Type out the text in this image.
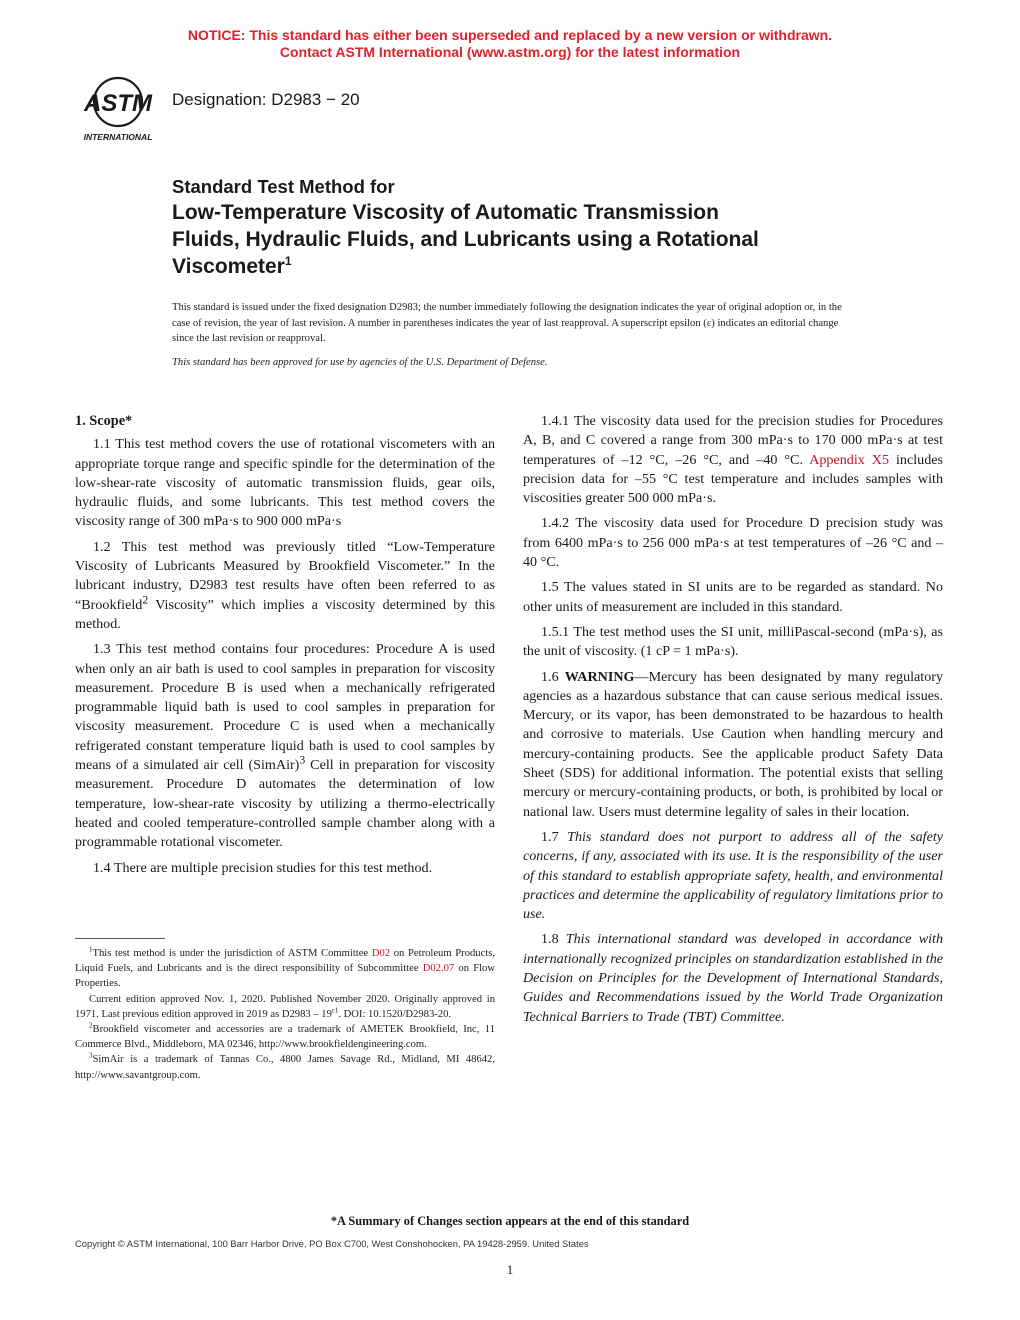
NOTICE: This standard has either been superseded and replaced by a new version or withdrawn.
Contact ASTM International (www.astm.org) for the latest information
ASTM
INTERNATIONAL
Designation: D2983 − 20
Standard Test Method for
Low-Temperature Viscosity of Automatic Transmission
Fluids, Hydraulic Fluids, and Lubricants using a Rotational
Viscometer$^1$

This standard is issued under the fixed designation D2983; the number immediately following the designation indicates the year of original adoption or, in the case of revision, the year of last revision. A number in parentheses indicates the year of last reapproval. A superscript epsilon (ε) indicates an editorial change since the last revision or reapproval.

This standard has been approved for use by agencies of the U.S. Department of Defense.

1. Scope*

1.1 This test method covers the use of rotational viscometers with an appropriate torque range and specific spindle for the determination of the low-shear-rate viscosity of automatic transmission fluids, gear oils, hydraulic fluids, and some lubricants. This test method covers the viscosity range of 300 mPa·s to 900 000 mPa·s

1.2 This test method was previously titled “Low-Temperature Viscosity of Lubricants Measured by Brookfield Viscometer.” In the lubricant industry, D2983 test results have often been referred to as “Brookfield$^2$ Viscosity” which implies a viscosity determined by this method.

1.3 This test method contains four procedures: Procedure A is used when only an air bath is used to cool samples in preparation for viscosity measurement. Procedure B is used when a mechanically refrigerated programmable liquid bath is used to cool samples in preparation for viscosity measurement. Procedure C is used when a mechanically refrigerated constant temperature liquid bath is used to cool samples by means of a simulated air cell (SimAir)$^3$ Cell in preparation for viscosity measurement. Procedure D automates the determination of low temperature, low-shear-rate viscosity by utilizing a thermo-electrically heated and cooled temperature-controlled sample chamber along with a programmable rotational viscometer.

1.4 There are multiple precision studies for this test method.

1.4.1 The viscosity data used for the precision studies for Procedures A, B, and C covered a range from 300 mPa·s to 170 000 mPa·s at test temperatures of –12 °C, –26 °C, and –40 °C. Appendix X5 includes precision data for –55 °C test temperature and includes samples with viscosities greater 500 000 mPa·s.

1.4.2 The viscosity data used for Procedure D precision study was from 6400 mPa·s to 256 000 mPa·s at test temperatures of –26 °C and –40 °C.

1.5 The values stated in SI units are to be regarded as standard. No other units of measurement are included in this standard.

1.5.1 The test method uses the SI unit, milliPascal-second (mPa·s), as the unit of viscosity. (1 cP = 1 mPa·s).

1.6 WARNING—Mercury has been designated by many regulatory agencies as a hazardous substance that can cause serious medical issues. Mercury, or its vapor, has been demonstrated to be hazardous to health and corrosive to materials. Use Caution when handling mercury and mercury-containing products. See the applicable product Safety Data Sheet (SDS) for additional information. The potential exists that selling mercury or mercury-containing products, or both, is prohibited by local or national law. Users must determine legality of sales in their location.

1.7 This standard does not purport to address all of the safety concerns, if any, associated with its use. It is the responsibility of the user of this standard to establish appropriate safety, health, and environmental practices and determine the applicability of regulatory limitations prior to use.

1.8 This international standard was developed in accordance with internationally recognized principles on standardization established in the Decision on Principles for the Development of International Standards, Guides and Recommendations issued by the World Trade Organization Technical Barriers to Trade (TBT) Committee.

$^1$This test method is under the jurisdiction of ASTM Committee D02 on Petroleum Products, Liquid Fuels, and Lubricants and is the direct responsibility of Subcommittee D02.07 on Flow Properties.

Current edition approved Nov. 1, 2020. Published November 2020. Originally approved in 1971. Last previous edition approved in 2019 as $D2983 - 19^{\varepsilon 1}$. DOI: 10.1520/D2983-20.

$^2$Brookfield viscometer and accessories are a trademark of AMETEK Brookfield, Inc, 11 Commerce Blvd., Middleboro, MA 02346, http://www.brookfieldengineering.com.

$^3$SimAir is a trademark of Tannas Co., 4800 James Savage Rd., Midland, MI 48642, http://www.savantgroup.com.

*A Summary of Changes section appears at the end of this standard
Copyright © ASTM International, 100 Barr Harbor Drive, PO Box C700, West Conshohocken, PA 19428-2959. United States
1
